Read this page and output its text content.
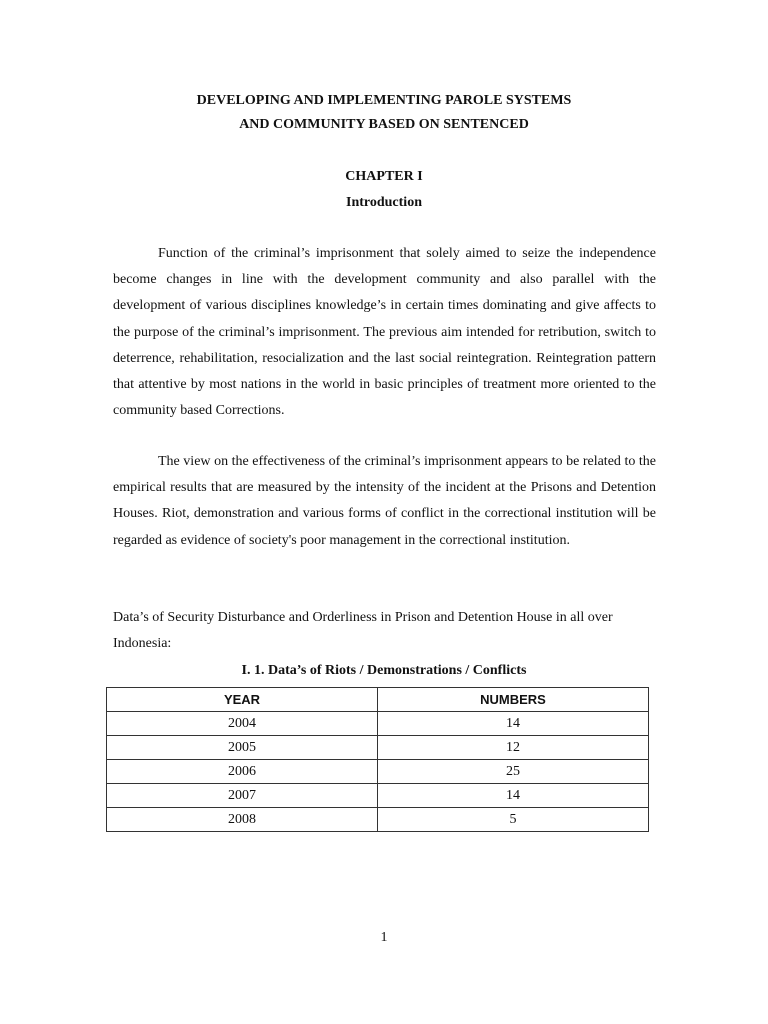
DEVELOPING AND IMPLEMENTING PAROLE SYSTEMS
AND COMMUNITY BASED ON SENTENCED
CHAPTER I
Introduction

Function of the criminal’s imprisonment that solely aimed to seize the independence become changes in line with the development community and also parallel with the development of various disciplines knowledge’s in certain times dominating and give affects to the purpose of the criminal’s imprisonment. The previous aim intended for retribution, switch to deterrence, rehabilitation, resocialization and the last social reintegration. Reintegration pattern that attentive by most nations in the world in basic principles of treatment more oriented to the community based Corrections.

The view on the effectiveness of the criminal’s imprisonment appears to be related to the empirical results that are measured by the intensity of the incident at the Prisons and Detention Houses. Riot, demonstration and various forms of conflict in the correctional institution will be regarded as evidence of society's poor management in the correctional institution.

Data’s of Security Disturbance and Orderliness in Prison and Detention House in all over Indonesia:

I. 1. Data’s of Riots / Demonstrations / Conflicts
YEAR	NUMBERS
2004	14
2005	12
2006	25
2007	14
2008	5
1
